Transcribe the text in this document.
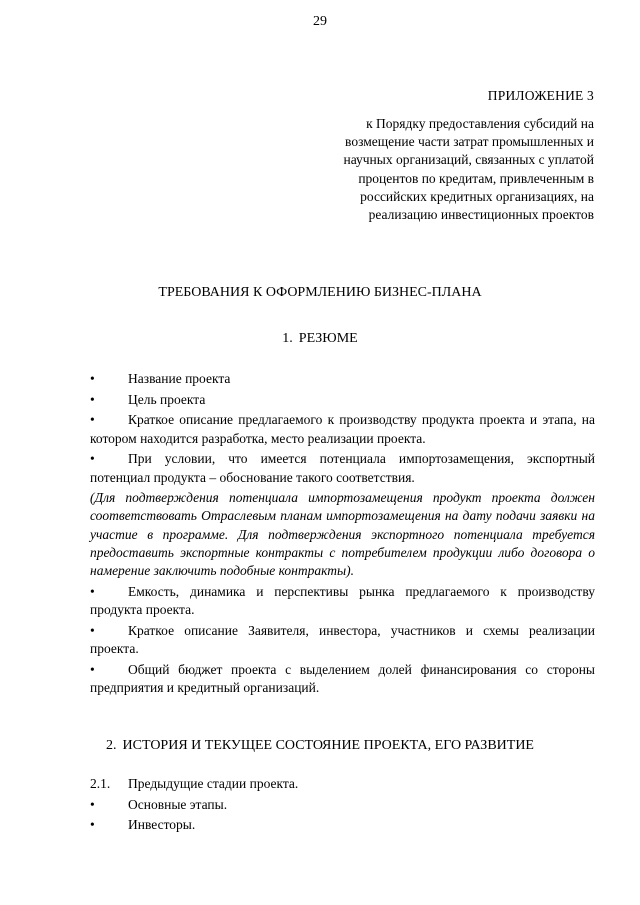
29
ПРИЛОЖЕНИЕ 3
к Порядку предоставления субсидий на возмещение части затрат промышленных и научных организаций, связанных с уплатой процентов по кредитам, привлеченным в российских кредитных организациях, на реализацию инвестиционных проектов
ТРЕБОВАНИЯ К ОФОРМЛЕНИЮ БИЗНЕС-ПЛАНА
1. РЕЗЮМЕ
• Название проекта
• Цель проекта
• Краткое описание предлагаемого к производству продукта проекта и этапа, на котором находится разработка, место реализации проекта.
• При условии, что имеется потенциала импортозамещения, экспортный потенциал продукта – обоснование такого соответствия.
(Для подтверждения потенциала импортозамещения продукт проекта должен соответствовать Отраслевым планам импортозамещения на дату подачи заявки на участие в программе. Для подтверждения экспортного потенциала требуется предоставить экспортные контракты с потребителем продукции либо договора о намерение заключить подобные контракты).
• Емкость, динамика и перспективы рынка предлагаемого к производству продукта проекта.
• Краткое описание Заявителя, инвестора, участников и схемы реализации проекта.
• Общий бюджет проекта с выделением долей финансирования со стороны предприятия и кредитный организаций.
2. ИСТОРИЯ И ТЕКУЩЕЕ СОСТОЯНИЕ ПРОЕКТА, ЕГО РАЗВИТИЕ
2.1. Предыдущие стадии проекта.
• Основные этапы.
• Инвесторы.
